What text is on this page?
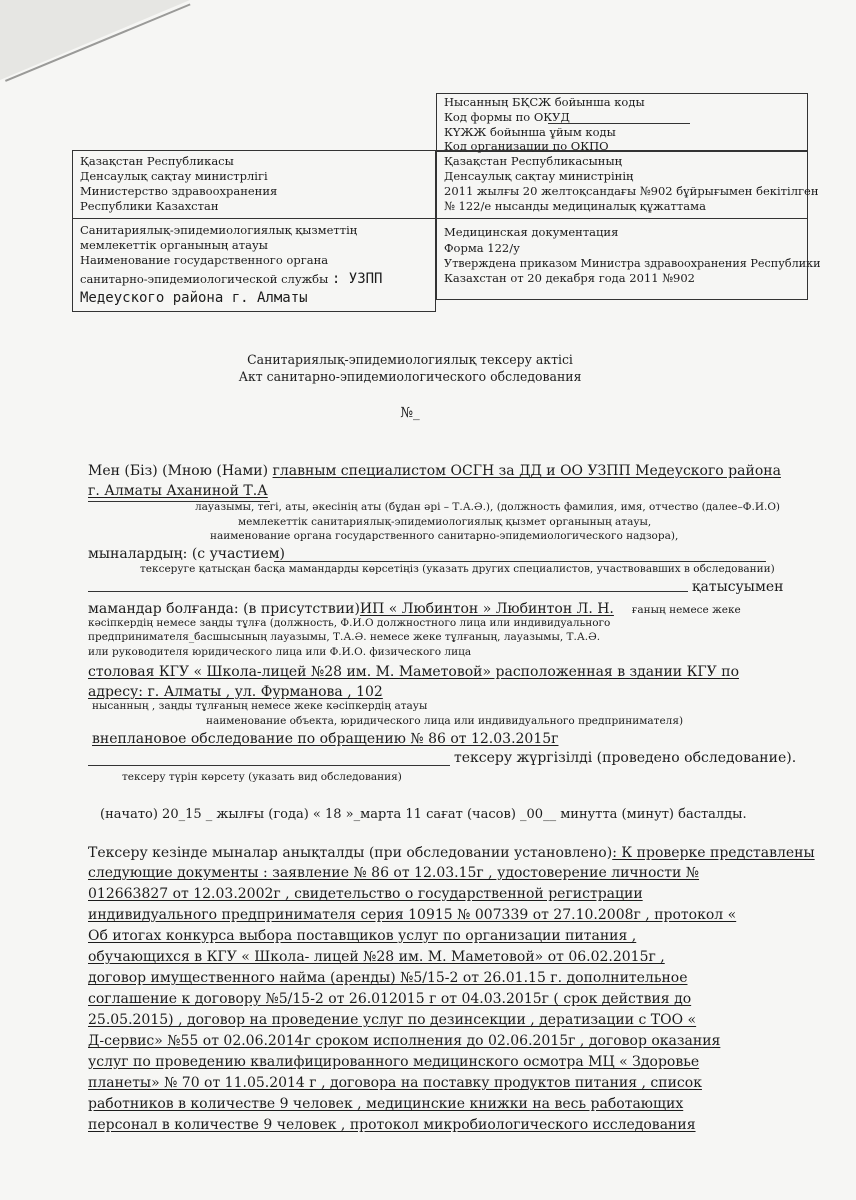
Нысанның БҚСЖ бойынша коды
Код формы по ОКУД
КҮЖЖ бойынша ұйым коды
Код организации по ОКПО
Қазақстан Республикасы
Денсаулық сақтау министрлігі
Министерство здравоохранения
Республики Казахстан
Қазақстан Республикасының
Денсаулық сақтау министрінің
2011 жылғы 20 желтоқсандағы №902 бұйрығымен бекітілген
№ 122/е нысанды медициналық құжаттама
Санитариялық-эпидемиологиялық қызметтің
мемлекеттік органының атауы
Наименование государственного органа
санитарно-эпидемиологической службы : УЗПП
Медеуского района г. Алматы
Медицинская документация
Форма 122/у
Утверждена приказом Министра здравоохранения Республики
Казахстан от 20 декабря года 2011 №902
Санитариялық-эпидемиологиялық тексеру актісі
Акт санитарно-эпидемиологического обследования
№_
Мен (Біз) (Мною (Нами) главным специалистом ОСГН за ДД и ОО УЗПП Медеуского района
г. Алматы Аханиной Т.А
лауазымы, тегі, аты, әкесінің аты (бұдан әрі – Т.А.Ә.), (должность фамилия, имя, отчество (далее–Ф.И.О)
мемлекеттік санитариялық-эпидемиологиялық қызмет органының атауы,
наименование органа государственного санитарно-эпидемиологического надзора),
мыналардың: (с участием)
тексеруге қатысқан басқа мамандарды көрсетіңіз (указать других специалистов, участвовавших в обследовании)
қатысуымен
мамандар болғанда: (в присутствии)ИП « Любинтон » Любинтон Л. Н. ғаның немесе жеке
кәсіпкердің немесе заңды тұлға (должность, Ф.И.О должностного лица или индивидуального
предпринимателя_басшысының лауазымы, Т.А.Ә. немесе жеке тұлғаның, лауазымы, Т.А.Ә.
или руководителя юридического лица или Ф.И.О. физического лица
столовая КГУ « Школа-лицей №28 им. М. Маметовой» расположенная в здании КГУ по
адресу: г. Алматы , ул. Фурманова , 102
нысанның , заңды тұлғаның немесе жеке кәсіпкердің атауы
наименование объекта, юридического лица или индивидуального предпринимателя)
внеплановое обследование по обращению № 86 от 12.03.2015г
тексеру жүргізілді (проведено обследование).
тексеру түрін көрсету (указать вид обследования)
(начато) 20_15 _ жылғы (года) « 18 »_марта 11 сағат (часов) _00__ минутта (минут) басталды.
Тексеру кезінде мыналар анықталды (при обследовании установлено): К проверке представлены
следующие документы : заявление № 86 от 12.03.15г , удостоверение личности №
012663827 от 12.03.2002г , свидетельство о государственной регистрации
индивидуального предпринимателя серия 10915 № 007339 от 27.10.2008г , протокол «
Об итогах конкурса выбора поставщиков услуг по организации питания ,
обучающихся в КГУ « Школа- лицей №28 им. М. Маметовой» от 06.02.2015г ,
договор имущественного найма (аренды) №5/15-2 от 26.01.15 г. дополнительное
соглашение к договору №5/15-2 от 26.012015 г от 04.03.2015г ( срок действия до
25.05.2015) , договор на проведение услуг по дезинсекции , дератизации с ТОО «
Д-сервис» №55 от 02.06.2014г сроком исполнения до 02.06.2015г , договор оказания
услуг по проведению квалифицированного медицинского осмотра МЦ « Здоровье
планеты» № 70 от 11.05.2014 г , договора на поставку продуктов питания , список
работников в количестве 9 человек , медицинские книжки на весь работающих
персонал в количестве 9 человек , протокол микробиологического исследования
